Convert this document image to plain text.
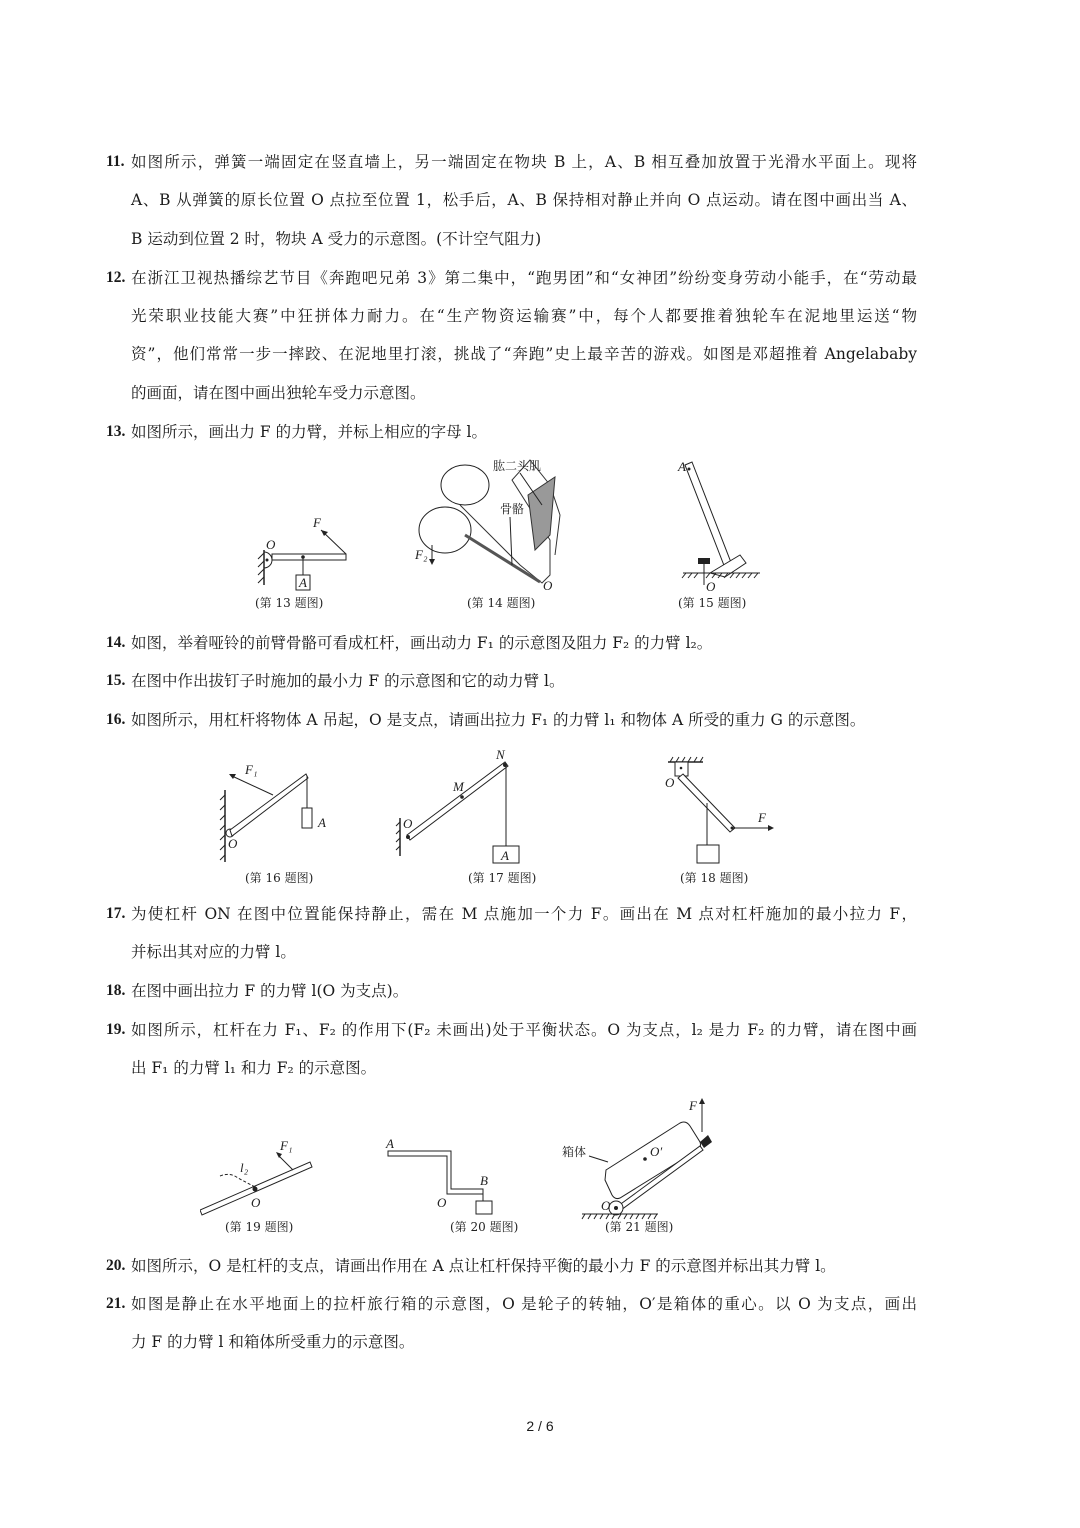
11. 如图所示，弹簧一端固定在竖直墙上，另一端固定在物块 B 上，A、B 相互叠加放置于光滑水平面上。现将
A、B 从弹簧的原长位置 O 点拉至位置 1，松手后，A、B 保持相对静止并向 O 点运动。请在图中画出当 A、
B 运动到位置 2 时，物块 A 受力的示意图。(不计空气阻力)
12. 在浙江卫视热播综艺节目《奔跑吧兄弟 3》第二集中，“跑男团”和“女神团”纷纷变身劳动小能手，在“劳动最
光荣职业技能大赛”中狂拼体力耐力。在“生产物资运输赛”中，每个人都要推着独轮车在泥地里运送“物
资”，他们常常一步一摔跤、在泥地里打滚，挑战了“奔跑”史上最辛苦的游戏。如图是邓超推着 Angelababy
的画面，请在图中画出独轮车受力示意图。
13. 如图所示，画出力 F 的力臂，并标上相应的字母 l。
A
O
F
(第 13 题图)
F₂
O
肱二头肌
骨骼
(第 14 题图)
A
O
(第 15 题图)
14. 如图，举着哑铃的前臂骨骼可看成杠杆，画出动力 F₁ 的示意图及阻力 F₂ 的力臂 l₂。
15. 在图中作出拔钉子时施加的最小力 F 的示意图和它的动力臂 l。
16. 如图所示，用杠杆将物体 A 吊起，O 是支点，请画出拉力 F₁ 的力臂 l₁ 和物体 A 所受的重力 G 的示意图。
F₁
A
O
(第 16 题图)
A
N
M
O
(第 17 题图)
O
F
(第 18 题图)
17. 为使杠杆 ON 在图中位置能保持静止，需在 M 点施加一个力 F。画出在 M 点对杠杆施加的最小拉力 F，
并标出其对应的力臂 l。
18. 在图中画出拉力 F 的力臂 l(O 为支点)。
19. 如图所示，杠杆在力 F₁、F₂ 的作用下(F₂ 未画出)处于平衡状态。O 为支点，l₂ 是力 F₂ 的力臂，请在图中画
出 F₁ 的力臂 l₁ 和力 F₂ 的示意图。
F₁
l₂
O
(第 19 题图)
A
B
O
(第 20 题图)
F
箱体	O′
O
(第 21 题图)
20. 如图所示，O 是杠杆的支点，请画出作用在 A 点让杠杆保持平衡的最小力 F 的示意图并标出其力臂 l。
21. 如图是静止在水平地面上的拉杆旅行箱的示意图，O 是轮子的转轴，O′是箱体的重心。以 O 为支点，画出
力 F 的力臂 l 和箱体所受重力的示意图。
2 / 6
